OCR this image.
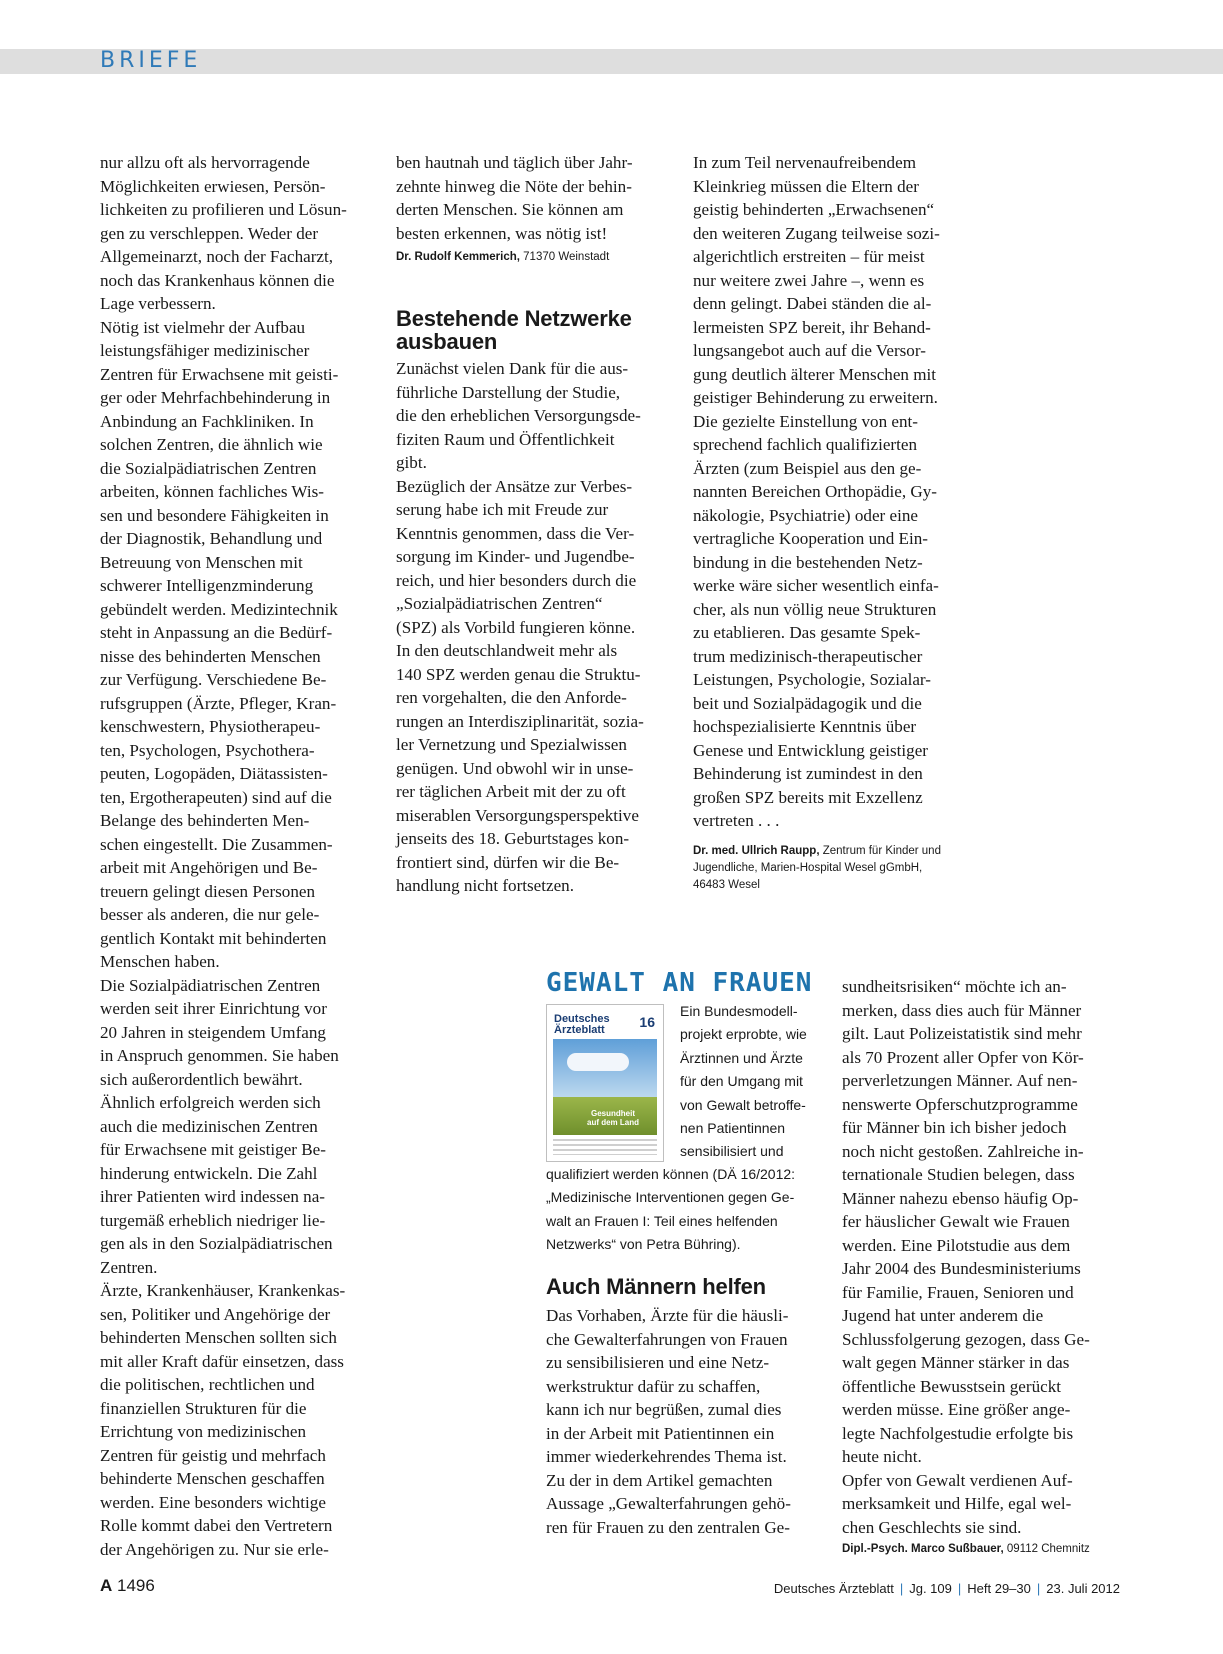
BRIEFE
nur allzu oft als hervorragende
Möglichkeiten erwiesen, Persön-
lichkeiten zu profilieren und Lösun-
gen zu verschleppen. Weder der
Allgemeinarzt, noch der Facharzt,
noch das Krankenhaus können die
Lage verbessern.
Nötig ist vielmehr der Aufbau
leistungsfähiger medizinischer
Zentren für Erwachsene mit geisti-
ger oder Mehrfachbehinderung in
Anbindung an Fachkliniken. In
solchen Zentren, die ähnlich wie
die Sozialpädiatrischen Zentren
arbeiten, können fachliches Wis-
sen und besondere Fähigkeiten in
der Diagnostik, Behandlung und
Betreuung von Menschen mit
schwerer Intelligenzminderung
gebündelt werden. Medizintechnik
steht in Anpassung an die Bedürf-
nisse des behinderten Menschen
zur Verfügung. Verschiedene Be-
rufsgruppen (Ärzte, Pfleger, Kran-
kenschwestern, Physiotherapeu-
ten, Psychologen, Psychothera-
peuten, Logopäden, Diätassisten-
ten, Ergotherapeuten) sind auf die
Belange des behinderten Men-
schen eingestellt. Die Zusammen-
arbeit mit Angehörigen und Be-
treuern gelingt diesen Personen
besser als anderen, die nur gele-
gentlich Kontakt mit behinderten
Menschen haben.
Die Sozialpädiatrischen Zentren
werden seit ihrer Einrichtung vor
20 Jahren in steigendem Umfang
in Anspruch genommen. Sie haben
sich außerordentlich bewährt.
Ähnlich erfolgreich werden sich
auch die medizinischen Zentren
für Erwachsene mit geistiger Be-
hinderung entwickeln. Die Zahl
ihrer Patienten wird indessen na-
turgemäß erheblich niedriger lie-
gen als in den Sozialpädiatrischen
Zentren.
Ärzte, Krankenhäuser, Krankenkas-
sen, Politiker und Angehörige der
behinderten Menschen sollten sich
mit aller Kraft dafür einsetzen, dass
die politischen, rechtlichen und
finanziellen Strukturen für die
Errichtung von medizinischen
Zentren für geistig und mehrfach
behinderte Menschen geschaffen
werden. Eine besonders wichtige
Rolle kommt dabei den Vertretern
der Angehörigen zu. Nur sie erle-
ben hautnah und täglich über Jahr-
zehnte hinweg die Nöte der behin-
derten Menschen. Sie können am
besten erkennen, was nötig ist!

Dr. Rudolf Kemmerich, 71370 Weinstadt

Bestehende Netzwerke
ausbauen
Zunächst vielen Dank für die aus-
führliche Darstellung der Studie,
die den erheblichen Versorgungsde-
fiziten Raum und Öffentlichkeit
gibt.
Bezüglich der Ansätze zur Verbes-
serung habe ich mit Freude zur
Kenntnis genommen, dass die Ver-
sorgung im Kinder- und Jugendbe-
reich, und hier besonders durch die
„Sozialpädiatrischen Zentren“
(SPZ) als Vorbild fungieren könne.
In den deutschlandweit mehr als
140 SPZ werden genau die Struktu-
ren vorgehalten, die den Anforde-
rungen an Interdisziplinarität, sozia-
ler Vernetzung und Spezialwissen
genügen. Und obwohl wir in unse-
rer täglichen Arbeit mit der zu oft
miserablen Versorgungsperspektive
jenseits des 18. Geburtstages kon-
frontiert sind, dürfen wir die Be-
handlung nicht fortsetzen.
In zum Teil nervenaufreibendem
Kleinkrieg müssen die Eltern der
geistig behinderten „Erwachsenen“
den weiteren Zugang teilweise sozi-
algerichtlich erstreiten – für meist
nur weitere zwei Jahre –, wenn es
denn gelingt. Dabei ständen die al-
lermeisten SPZ bereit, ihr Behand-
lungsangebot auch auf die Versor-
gung deutlich älterer Menschen mit
geistiger Behinderung zu erweitern.
Die gezielte Einstellung von ent-
sprechend fachlich qualifizierten
Ärzten (zum Beispiel aus den ge-
nannten Bereichen Orthopädie, Gy-
näkologie, Psychiatrie) oder eine
vertragliche Kooperation und Ein-
bindung in die bestehenden Netz-
werke wäre sicher wesentlich einfa-
cher, als nun völlig neue Strukturen
zu etablieren. Das gesamte Spek-
trum medizinisch-therapeutischer
Leistungen, Psychologie, Sozialar-
beit und Sozialpädagogik und die
hochspezialisierte Kenntnis über
Genese und Entwicklung geistiger
Behinderung ist zumindest in den
großen SPZ bereits mit Exzellenz
vertreten . . .

Dr. med. Ullrich Raupp, Zentrum für Kinder und
Jugendliche, Marien-Hospital Wesel gGmbH,
46483 Wesel

GEWALT AN FRAUEN
Deutsches
Ärzteblatt	16
Gesundheit
auf dem Land
Ein Bundesmodell-
projekt erprobte, wie
Ärztinnen und Ärzte
für den Umgang mit
von Gewalt betroffe-
nen Patientinnen
sensibilisiert und
qualifiziert werden können (DÄ 16/2012:
„Medizinische Interventionen gegen Ge-
walt an Frauen I: Teil eines helfenden
Netzwerks“ von Petra Bühring).
Auch Männern helfen
Das Vorhaben, Ärzte für die häusli-
che Gewalterfahrungen von Frauen
zu sensibilisieren und eine Netz-
werkstruktur dafür zu schaffen,
kann ich nur begrüßen, zumal dies
in der Arbeit mit Patientinnen ein
immer wiederkehrendes Thema ist.
Zu der in dem Artikel gemachten
Aussage „Gewalterfahrungen gehö-
ren für Frauen zu den zentralen Ge-
sundheitsrisiken“ möchte ich an-
merken, dass dies auch für Männer
gilt. Laut Polizeistatistik sind mehr
als 70 Prozent aller Opfer von Kör-
perverletzungen Männer. Auf nen-
nenswerte Opferschutzprogramme
für Männer bin ich bisher jedoch
noch nicht gestoßen. Zahlreiche in-
ternationale Studien belegen, dass
Männer nahezu ebenso häufig Op-
fer häuslicher Gewalt wie Frauen
werden. Eine Pilotstudie aus dem
Jahr 2004 des Bundesministeriums
für Familie, Frauen, Senioren und
Jugend hat unter anderem die
Schlussfolgerung gezogen, dass Ge-
walt gegen Männer stärker in das
öffentliche Bewusstsein gerückt
werden müsse. Eine größer ange-
legte Nachfolgestudie erfolgte bis
heute nicht.
Opfer von Gewalt verdienen Auf-
merksamkeit und Hilfe, egal wel-
chen Geschlechts sie sind.

Dipl.-Psych. Marco Sußbauer, 09112 Chemnitz

A 1496	Deutsches Ärzteblatt | Jg. 109 | Heft 29–30 | 23. Juli 2012
